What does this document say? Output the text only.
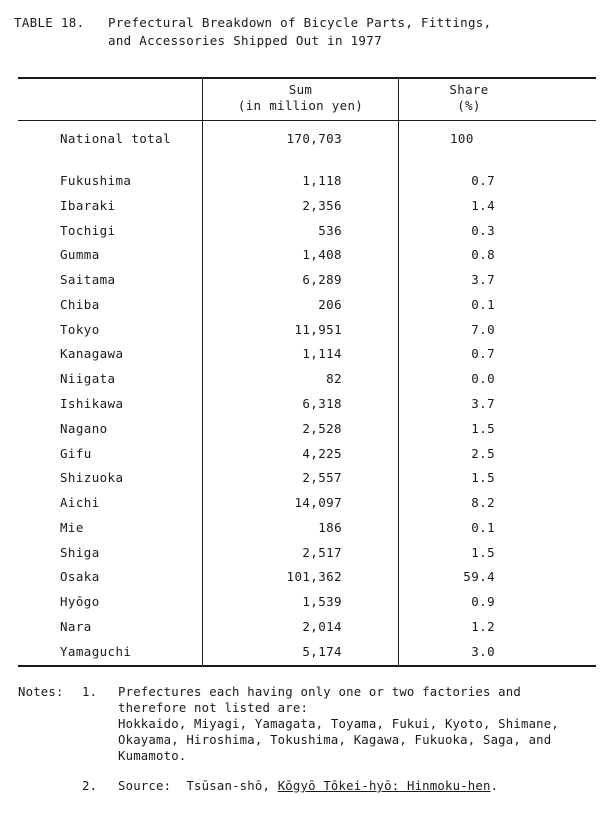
TABLE 18. Prefectural Breakdown of Bicycle Parts, Fittings,
and Accessories Shipped Out in 1977
Sum
(in million yen)
Share
(%)
National total	170,703	100
Fukushima	1,118	0.7
Ibaraki	2,356	1.4
Tochigi	536	0.3
Gumma	1,408	0.8
Saitama	6,289	3.7
Chiba	206	0.1
Tokyo	11,951	7.0
Kanagawa	1,114	0.7
Niigata	82	0.0
Ishikawa	6,318	3.7
Nagano	2,528	1.5
Gifu	4,225	2.5
Shizuoka	2,557	1.5
Aichi	14,097	8.2
Mie	186	0.1
Shiga	2,517	1.5
Osaka	101,362	59.4
Hyōgo	1,539	0.9
Nara	2,014	1.2
Yamaguchi	5,174	3.0
Notes: 1. Prefectures each having only one or two factories and
therefore not listed are:
Hokkaido, Miyagi, Yamagata, Toyama, Fukui, Kyoto, Shimane,
Okayama, Hiroshima, Tokushima, Kagawa, Fukuoka, Saga, and
Kumamoto.
2. Source: Tsūsan-shō, Kōgyō Tōkei-hyō: Hinmoku-hen.
